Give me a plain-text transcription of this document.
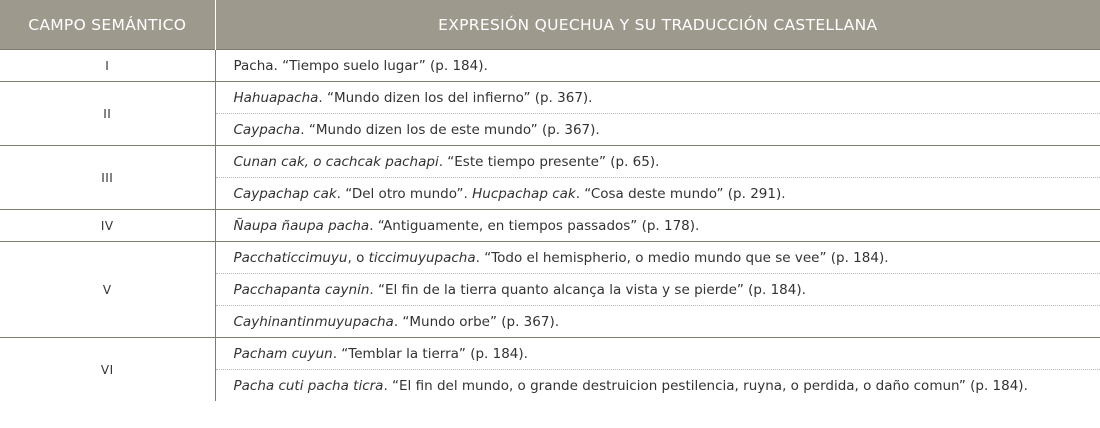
CAMPO SEMÁNTICO	EXPRESIÓN QUECHUA Y SU TRADUCCIÓN CASTELLANA
I	Pacha. “Tiempo suelo lugar” (p. 184).
II	Hahuapacha. “Mundo dizen los del infierno” (p. 367).
	Caypacha. “Mundo dizen los de este mundo” (p. 367).
III	Cunan cak, o cachcak pachapi. “Este tiempo presente” (p. 65).
	Caypachap cak. “Del otro mundo”. Hucpachap cak. “Cosa deste mundo” (p. 291).
IV	Ñaupa ñaupa pacha. “Antiguamente, en tiempos passados” (p. 178).
V	Pacchaticcimuyu, o ticcimuyupacha. “Todo el hemispherio, o medio mundo que se vee” (p. 184).
	Pacchapanta caynin. “El fin de la tierra quanto alcança la vista y se pierde” (p. 184).
	Cayhinantinmuyupacha. “Mundo orbe” (p. 367).
VI	Pacham cuyun. “Temblar la tierra” (p. 184).
	Pacha cuti pacha ticra. “El fin del mundo, o grande destruicion pestilencia, ruyna, o perdida, o daño comun” (p. 184).
